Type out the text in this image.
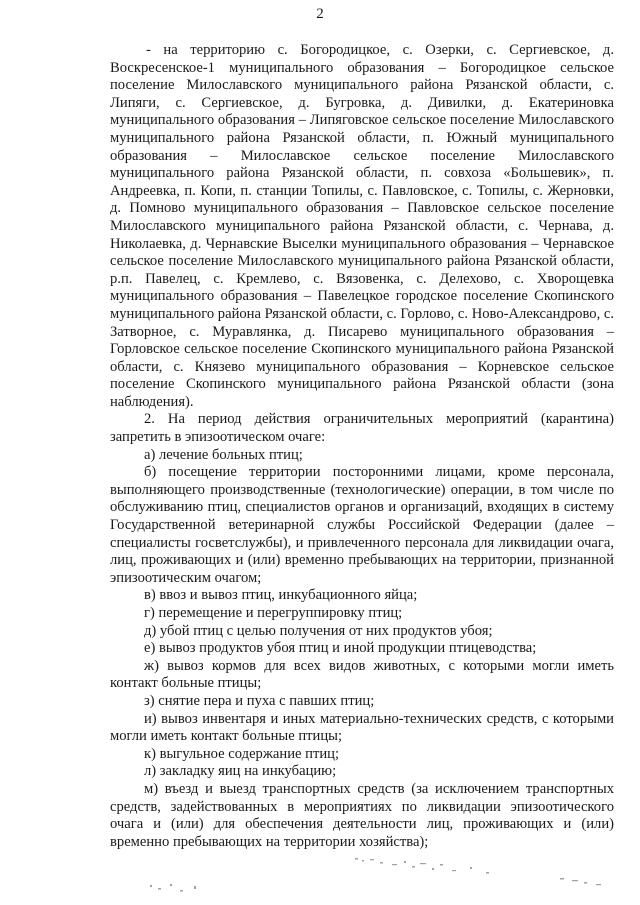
2

- на территорию с. Богородицкое, с. Озерки, с. Сергиевское, д. Воскресенское-1 муниципального образования – Богородицкое сельское поселение Милославского муниципального района Рязанской области, с. Липяги, с. Сергиевское, д. Бугровка, д. Дивилки, д. Екатериновка муниципального образования – Липяговское сельское поселение Милославского муниципального района Рязанской области, п. Южный муниципального образования – Милославское сельское поселение Милославского муниципального района Рязанской области, п. совхоза «Большевик», п. Андреевка, п. Копи, п. станции Топилы, с. Павловское, с. Топилы, с. Жерновки, д. Помново муниципального образования – Павловское сельское поселение Милославского муниципального района Рязанской области, с. Чернава, д. Николаевка, д. Чернавские Выселки муниципального образования – Чернавское сельское поселение Милославского муниципального района Рязанской области, р.п. Павелец, с. Кремлево, с. Вязовенка, с. Делехово, с. Хворощевка муниципального образования – Павелецкое городское поселение Скопинского муниципального района Рязанской области, с. Горлово, с. Ново-Александрово, с. Затворное, с. Муравлянка, д. Писарево муниципального образования – Горловское сельское поселение Скопинского муниципального района Рязанской области, с. Князево муниципального образования – Корневское сельское поселение Скопинского муниципального района Рязанской области (зона наблюдения).

2. На период действия ограничительных мероприятий (карантина) запретить в эпизоотическом очаге:

а) лечение больных птиц;

б) посещение территории посторонними лицами, кроме персонала, выполняющего производственные (технологические) операции, в том числе по обслуживанию птиц, специалистов органов и организаций, входящих в систему Государственной ветеринарной службы Российской Федерации (далее – специалисты госветслужбы), и привлеченного персонала для ликвидации очага, лиц, проживающих и (или) временно пребывающих на территории, признанной эпизоотическим очагом;

в) ввоз и вывоз птиц, инкубационного яйца;

г) перемещение и перегруппировку птиц;

д) убой птиц с целью получения от них продуктов убоя;

е) вывоз продуктов убоя птиц и иной продукции птицеводства;

ж) вывоз кормов для всех видов животных, с которыми могли иметь контакт больные птицы;

з) снятие пера и пуха с павших птиц;

и) вывоз инвентаря и иных материально-технических средств, с которыми могли иметь контакт больные птицы;

к) выгульное содержание птиц;

л) закладку яиц на инкубацию;

м) въезд и выезд транспортных средств (за исключением транспортных средств, задействованных в мероприятиях по ликвидации эпизоотического очага и (или) для обеспечения деятельности лиц, проживающих и (или) временно пребывающих на территории хозяйства);
